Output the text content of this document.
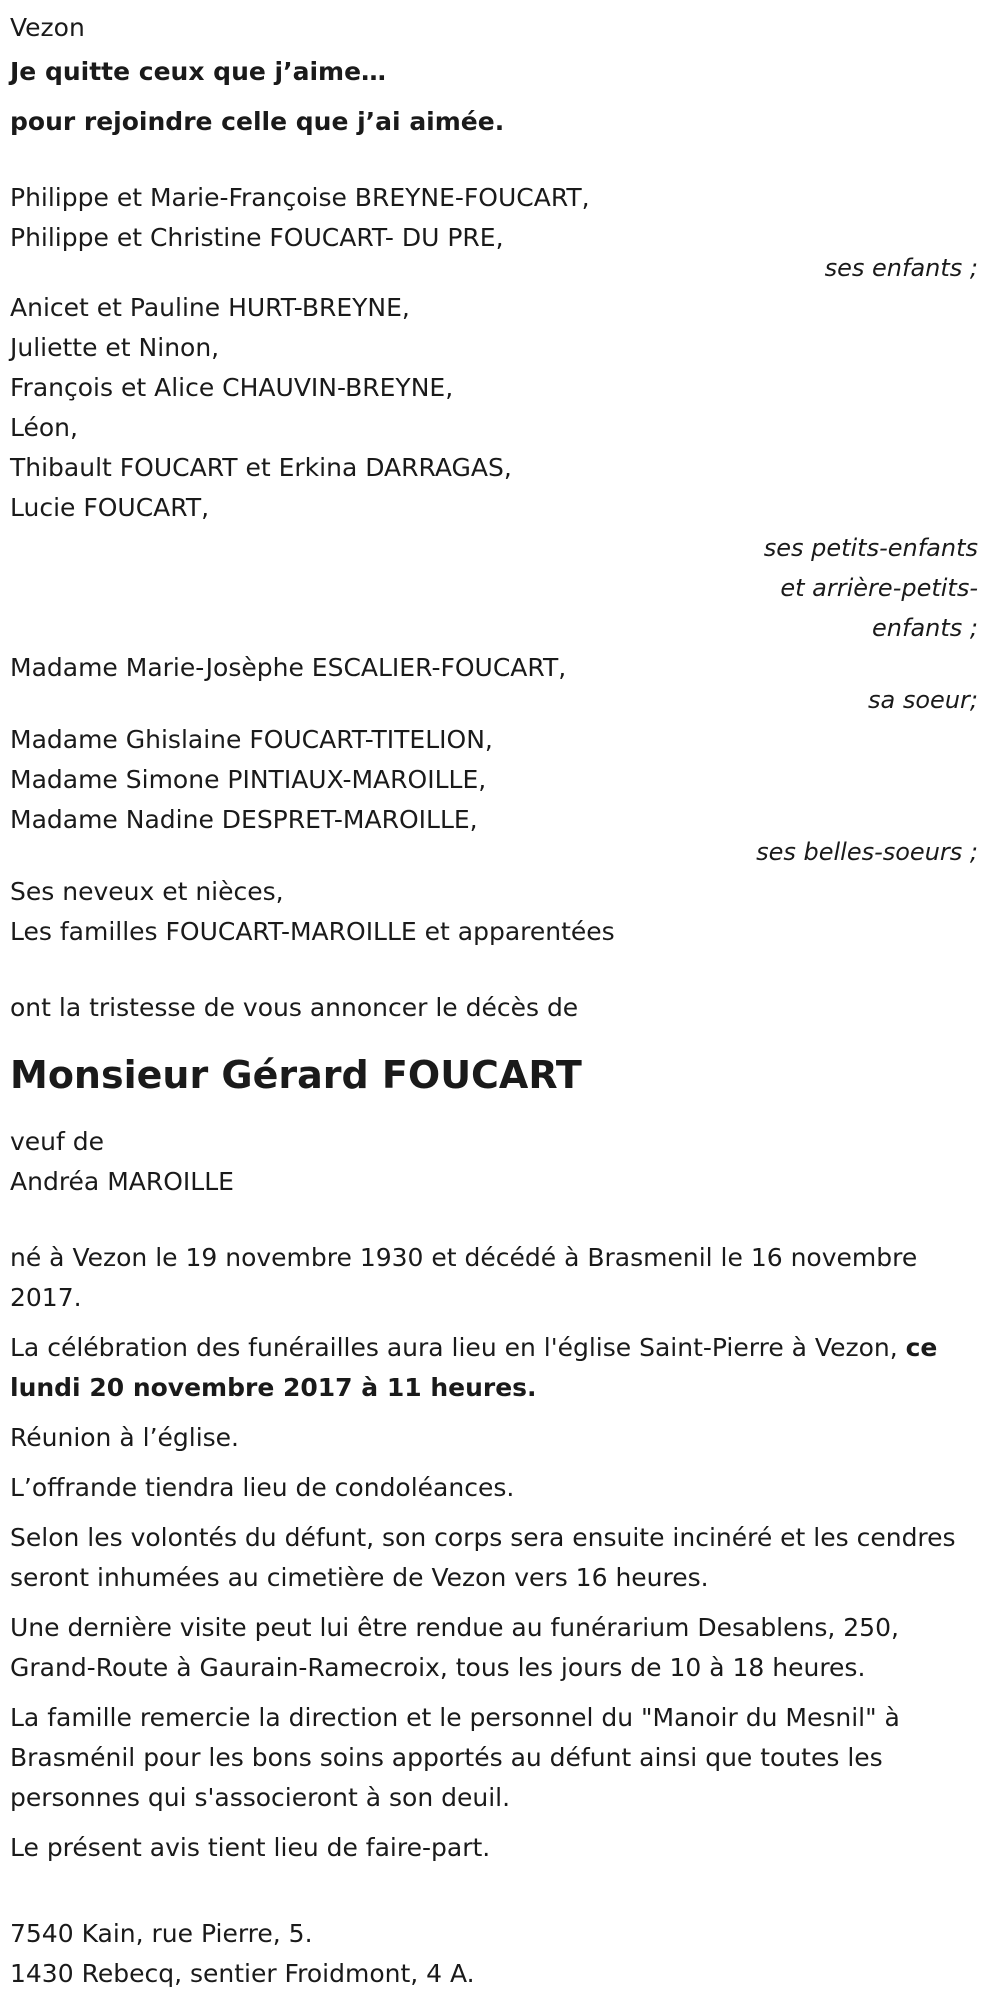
Vezon
Je quitte ceux que j’aime…
pour rejoindre celle que j’ai aimée.
Philippe et Marie-Françoise BREYNE-FOUCART,
Philippe et Christine FOUCART- DU PRE,
ses enfants ;
Anicet et Pauline HURT-BREYNE,
Juliette et Ninon,
François et Alice CHAUVIN-BREYNE,
Léon,
Thibault FOUCART et Erkina DARRAGAS,
Lucie FOUCART,
ses petits-enfants
et arrière-petits-
enfants ;
Madame Marie-Josèphe ESCALIER-FOUCART,
sa soeur;
Madame Ghislaine FOUCART-TITELION,
Madame Simone PINTIAUX-MAROILLE,
Madame Nadine DESPRET-MAROILLE,
ses belles-soeurs ;
Ses neveux et nièces,
Les familles FOUCART-MAROILLE et apparentées
ont la tristesse de vous annoncer le décès de
Monsieur Gérard FOUCART
veuf de
Andréa MAROILLE
né à Vezon le 19 novembre 1930 et décédé à Brasmenil le 16 novembre 2017.
La célébration des funérailles aura lieu en l'église Saint-Pierre à Vezon, ce lundi 20 novembre 2017 à 11 heures.
Réunion à l’église.
L’offrande tiendra lieu de condoléances.
Selon les volontés du défunt, son corps sera ensuite incinéré et les cendres seront inhumées au cimetière de Vezon vers 16 heures.
Une dernière visite peut lui être rendue au funérarium Desablens, 250, Grand-Route à Gaurain-Ramecroix, tous les jours de 10 à 18 heures.
La famille remercie la direction et le personnel du "Manoir du Mesnil" à Brasménil pour les bons soins apportés au défunt ainsi que toutes les personnes qui s'associeront à son deuil.
Le présent avis tient lieu de faire-part.
7540 Kain, rue Pierre, 5.
1430 Rebecq, sentier Froidmont, 4 A.
